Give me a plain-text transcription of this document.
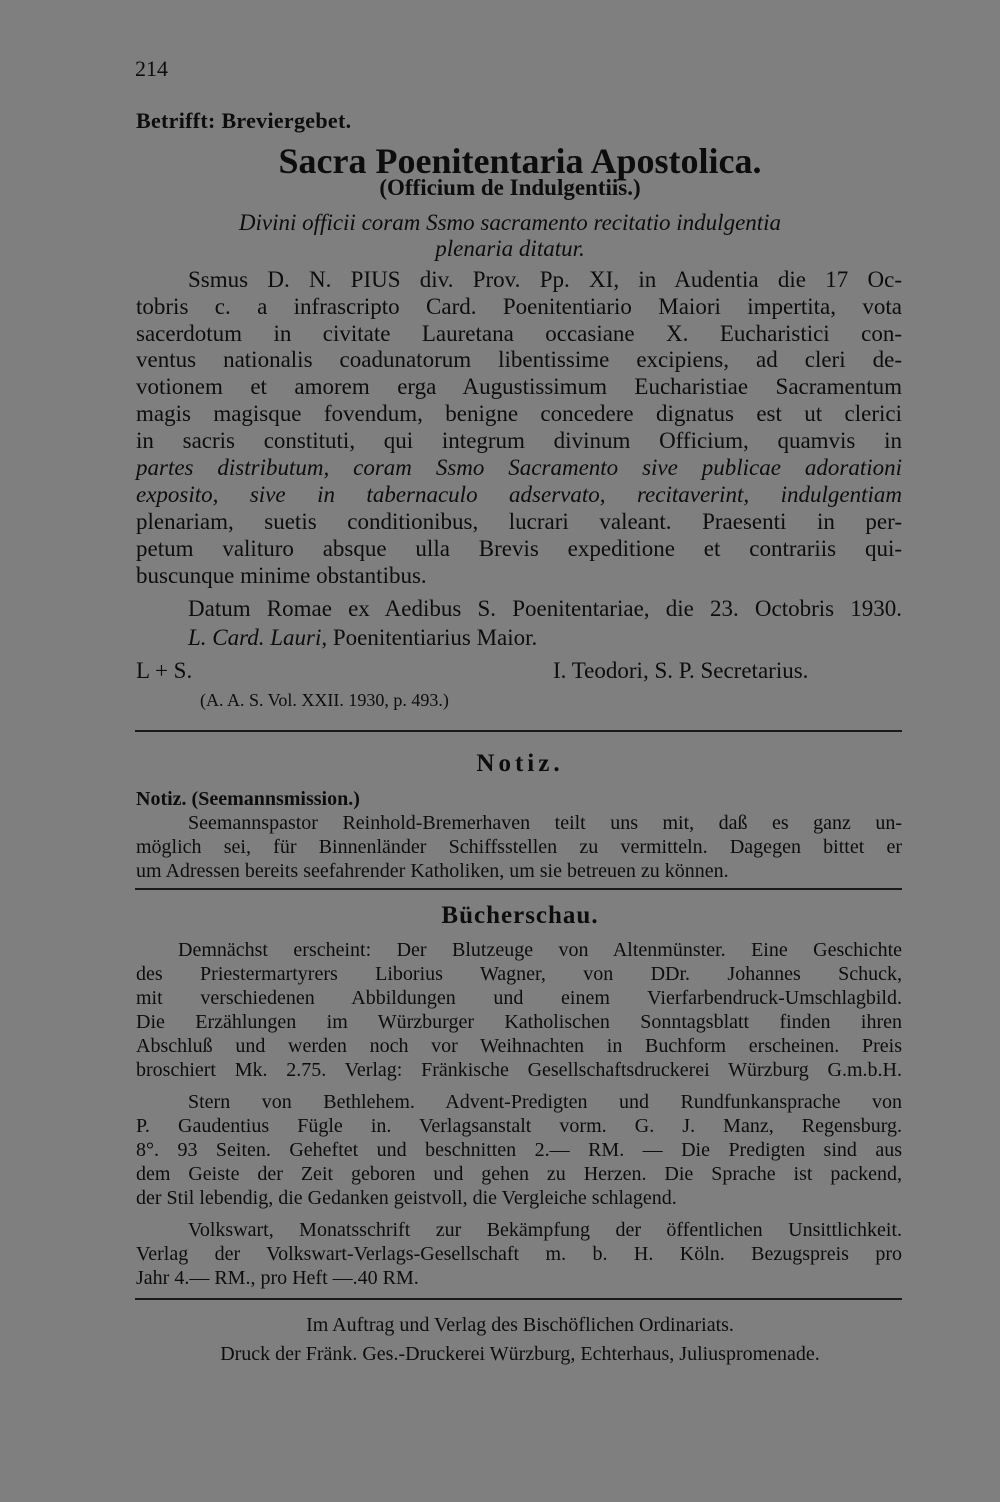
214
Betrifft: Breviergebet.
Sacra Poenitentaria Apostolica.
(Officium de Indulgentiis.)
Divini officii coram Ssmo sacramento recitatio indulgentia
plenaria ditatur.
Ssmus D. N. PIUS div. Prov. Pp. XI, in Audentia die 17 Oc-
tobris c. a infrascripto Card. Poenitentiario Maiori impertita, vota
sacerdotum in civitate Lauretana occasiane X. Eucharistici con-
ventus nationalis coadunatorum libentissime excipiens, ad cleri de-
votionem et amorem erga Augustissimum Eucharistiae Sacramentum
magis magisque fovendum, benigne concedere dignatus est ut clerici
in sacris constituti, qui integrum divinum Officium, quamvis in
partes distributum, coram Ssmo Sacramento sive publicae adorationi
exposito, sive in tabernaculo adservato, recitaverint, indulgentiam
plenariam, suetis conditionibus, lucrari valeant. Praesenti in per-
petum valituro absque ulla Brevis expeditione et contrariis qui-
buscunque minime obstantibus.
Datum Romae ex Aedibus S. Poenitentariae, die 23. Octobris 1930.
L. Card. Lauri, Poenitentiarius Maior.
L + S.	I. Teodori, S. P. Secretarius.
(A. A. S. Vol. XXII. 1930, p. 493.)
Notiz.
Notiz. (Seemannsmission.)
Seemannspastor Reinhold-Bremerhaven teilt uns mit, daß es ganz un-
möglich sei, für Binnenländer Schiffsstellen zu vermitteln. Dagegen bittet er
um Adressen bereits seefahrender Katholiken, um sie betreuen zu können.
Bücherschau.
Demnächst erscheint: Der Blutzeuge von Altenmünster. Eine Geschichte
des Priestermartyrers Liborius Wagner, von DDr. Johannes Schuck,
mit verschiedenen Abbildungen und einem Vierfarbendruck-Umschlagbild.
Die Erzählungen im Würzburger Katholischen Sonntagsblatt finden ihren
Abschluß und werden noch vor Weihnachten in Buchform erscheinen. Preis
broschiert Mk. 2.75. Verlag: Fränkische Gesellschaftsdruckerei Würzburg G.m.b.H.
Stern von Bethlehem. Advent-Predigten und Rundfunkansprache von
P. Gaudentius Fügle in. Verlagsanstalt vorm. G. J. Manz, Regensburg.
8°. 93 Seiten. Geheftet und beschnitten 2.— RM. — Die Predigten sind aus
dem Geiste der Zeit geboren und gehen zu Herzen. Die Sprache ist packend,
der Stil lebendig, die Gedanken geistvoll, die Vergleiche schlagend.
Volkswart, Monatsschrift zur Bekämpfung der öffentlichen Unsittlichkeit.
Verlag der Volkswart-Verlags-Gesellschaft m. b. H. Köln. Bezugspreis pro
Jahr 4.— RM., pro Heft —.40 RM.
Im Auftrag und Verlag des Bischöflichen Ordinariats.
Druck der Fränk. Ges.-Druckerei Würzburg, Echterhaus, Juliuspromenade.
